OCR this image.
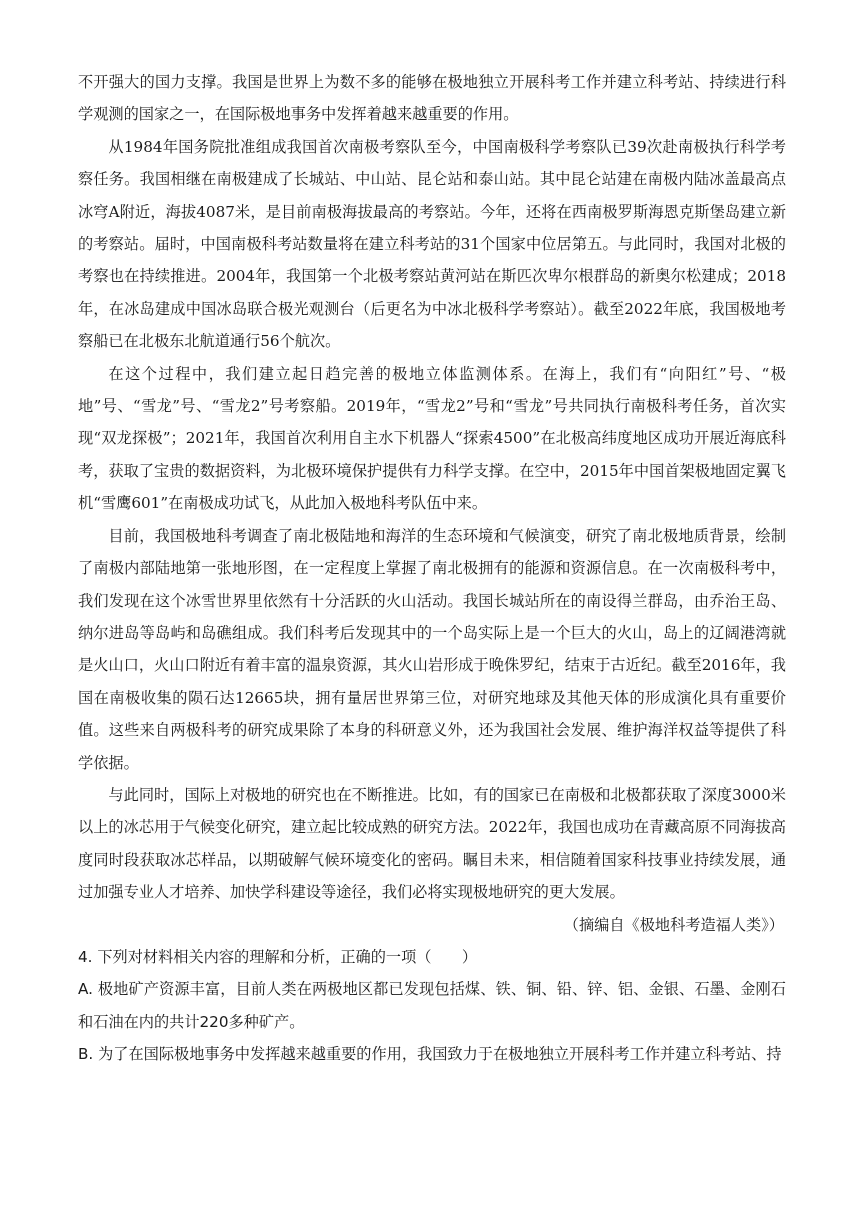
不开强大的国力支撑。我国是世界上为数不多的能够在极地独立开展科考工作并建立科考站、持续进行科学观测的国家之一，在国际极地事务中发挥着越来越重要的作用。

从1984年国务院批准组成我国首次南极考察队至今，中国南极科学考察队已39次赴南极执行科学考察任务。我国相继在南极建成了长城站、中山站、昆仑站和泰山站。其中昆仑站建在南极内陆冰盖最高点冰穹A附近，海拔4087米，是目前南极海拔最高的考察站。今年，还将在西南极罗斯海恩克斯堡岛建立新的考察站。届时，中国南极科考站数量将在建立科考站的31个国家中位居第五。与此同时，我国对北极的考察也在持续推进。2004年，我国第一个北极考察站黄河站在斯匹次卑尔根群岛的新奥尔松建成；2018年，在冰岛建成中国冰岛联合极光观测台（后更名为中冰北极科学考察站）。截至2022年底，我国极地考察船已在北极东北航道通行56个航次。

在这个过程中，我们建立起日趋完善的极地立体监测体系。在海上，我们有“向阳红”号、“极地”号、“雪龙”号、“雪龙2”号考察船。2019年，“雪龙2”号和“雪龙”号共同执行南极科考任务，首次实现“双龙探极”；2021年，我国首次利用自主水下机器人“探索4500”在北极高纬度地区成功开展近海底科考，获取了宝贵的数据资料，为北极环境保护提供有力科学支撑。在空中，2015年中国首架极地固定翼飞机“雪鹰601”在南极成功试飞，从此加入极地科考队伍中来。

目前，我国极地科考调查了南北极陆地和海洋的生态环境和气候演变，研究了南北极地质背景，绘制了南极内部陆地第一张地形图，在一定程度上掌握了南北极拥有的能源和资源信息。在一次南极科考中，我们发现在这个冰雪世界里依然有十分活跃的火山活动。我国长城站所在的南设得兰群岛，由乔治王岛、纳尔进岛等岛屿和岛礁组成。我们科考后发现其中的一个岛实际上是一个巨大的火山，岛上的辽阔港湾就是火山口，火山口附近有着丰富的温泉资源，其火山岩形成于晚侏罗纪，结束于古近纪。截至2016年，我国在南极收集的陨石达12665块，拥有量居世界第三位，对研究地球及其他天体的形成演化具有重要价值。这些来自两极科考的研究成果除了本身的科研意义外，还为我国社会发展、维护海洋权益等提供了科学依据。

与此同时，国际上对极地的研究也在不断推进。比如，有的国家已在南极和北极都获取了深度3000米以上的冰芯用于气候变化研究，建立起比较成熟的研究方法。2022年，我国也成功在青藏高原不同海拔高度同时段获取冰芯样品，以期破解气候环境变化的密码。瞩目未来，相信随着国家科技事业持续发展，通过加强专业人才培养、加快学科建设等途径，我们必将实现极地研究的更大发展。

（摘编自《极地科考造福人类》）

4. 下列对材料相关内容的理解和分析，正确的一项（　　）

A. 极地矿产资源丰富，目前人类在两极地区都已发现包括煤、铁、铜、铅、锌、铝、金银、石墨、金刚石和石油在内的共计220多种矿产。

B. 为了在国际极地事务中发挥越来越重要的作用，我国致力于在极地独立开展科考工作并建立科考站、持
